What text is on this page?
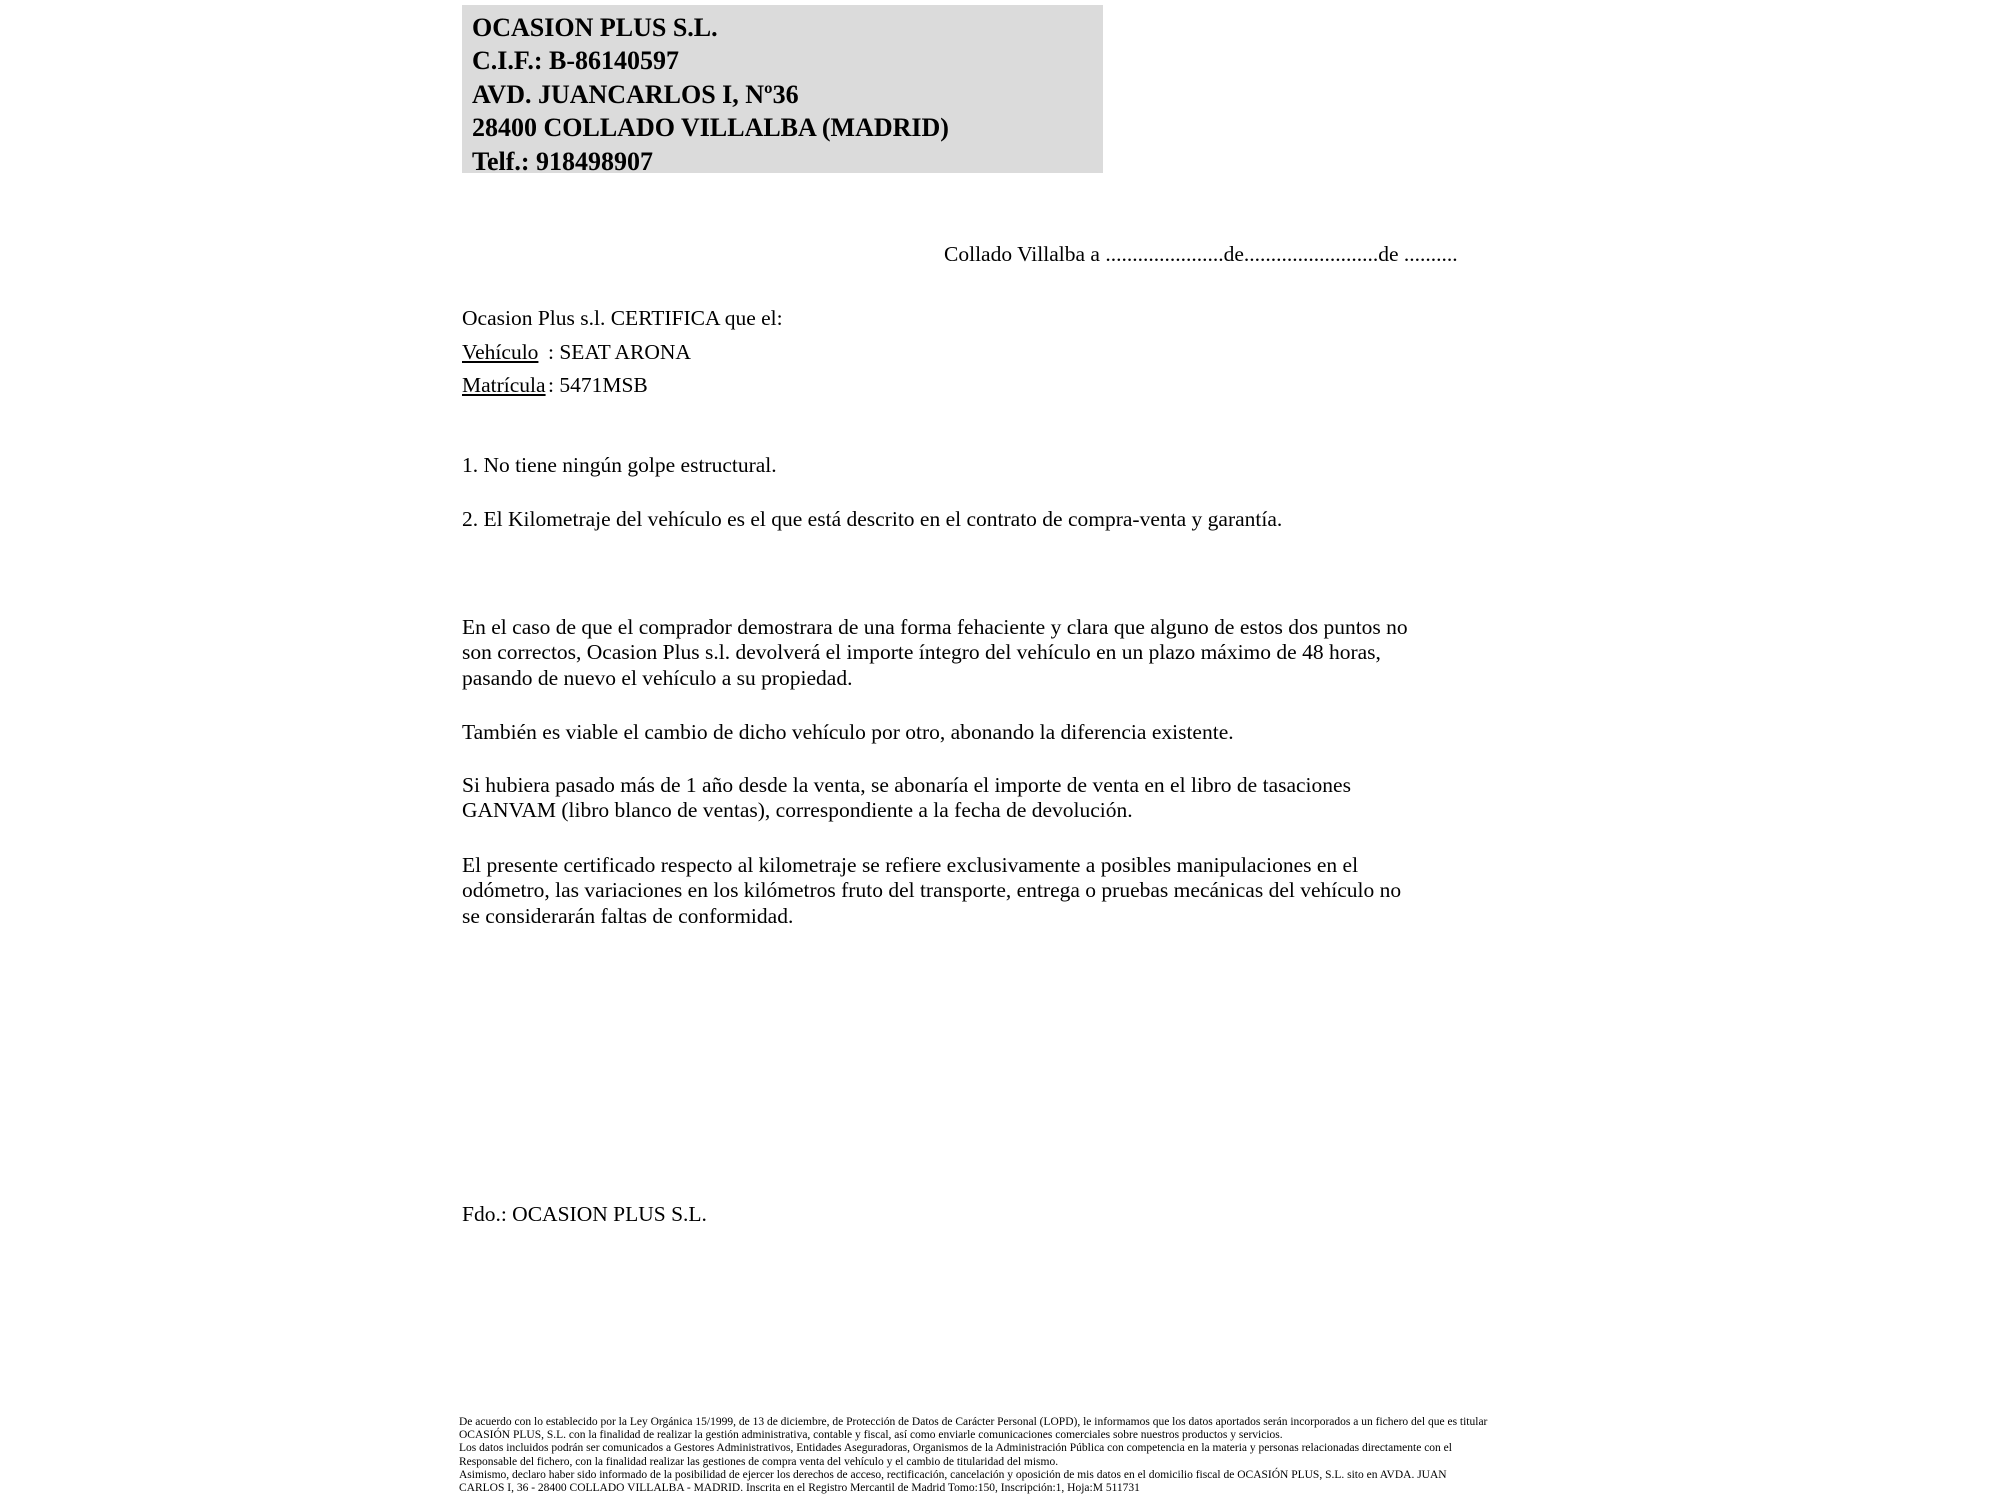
OCASION PLUS S.L.
C.I.F.: B-86140597
AVD. JUANCARLOS I, Nº36
28400 COLLADO VILLALBA (MADRID)
Telf.: 918498907
Collado Villalba a ......................de.........................de ..........
Ocasion Plus s.l. CERTIFICA que el:
Vehículo : SEAT ARONA
Matrícula : 5471MSB
1. No tiene ningún golpe estructural.
2. El Kilometraje del vehículo es el que está descrito en el contrato de compra-venta y garantía.
En el caso de que el comprador demostrara de una forma fehaciente y clara que alguno de estos dos puntos no
son correctos, Ocasion Plus s.l. devolverá el importe íntegro del vehículo en un plazo máximo de 48 horas,
pasando de nuevo el vehículo a su propiedad.
También es viable el cambio de dicho vehículo por otro, abonando la diferencia existente.
Si hubiera pasado más de 1 año desde la venta, se abonaría el importe de venta en el libro de tasaciones
GANVAM (libro blanco de ventas), correspondiente a la fecha de devolución.
El presente certificado respecto al kilometraje se refiere exclusivamente a posibles manipulaciones en el
odómetro, las variaciones en los kilómetros fruto del transporte, entrega o pruebas mecánicas del vehículo no
se considerarán faltas de conformidad.
Fdo.: OCASION PLUS S.L.
De acuerdo con lo establecido por la Ley Orgánica 15/1999, de 13 de diciembre, de Protección de Datos de Carácter Personal (LOPD), le informamos que los datos aportados serán incorporados a un fichero del que es titular
OCASIÓN PLUS, S.L. con la finalidad de realizar la gestión administrativa, contable y fiscal, así como enviarle comunicaciones comerciales sobre nuestros productos y servicios.
Los datos incluidos podrán ser comunicados a Gestores Administrativos, Entidades Aseguradoras, Organismos de la Administración Pública con competencia en la materia y personas relacionadas directamente con el
Responsable del fichero, con la finalidad realizar las gestiones de compra venta del vehículo y el cambio de titularidad del mismo.
Asimismo, declaro haber sido informado de la posibilidad de ejercer los derechos de acceso, rectificación, cancelación y oposición de mis datos en el domicilio fiscal de OCASIÓN PLUS, S.L. sito en AVDA. JUAN
CARLOS I, 36 - 28400 COLLADO VILLALBA - MADRID. Inscrita en el Registro Mercantil de Madrid Tomo:150, Inscripción:1, Hoja:M 511731
